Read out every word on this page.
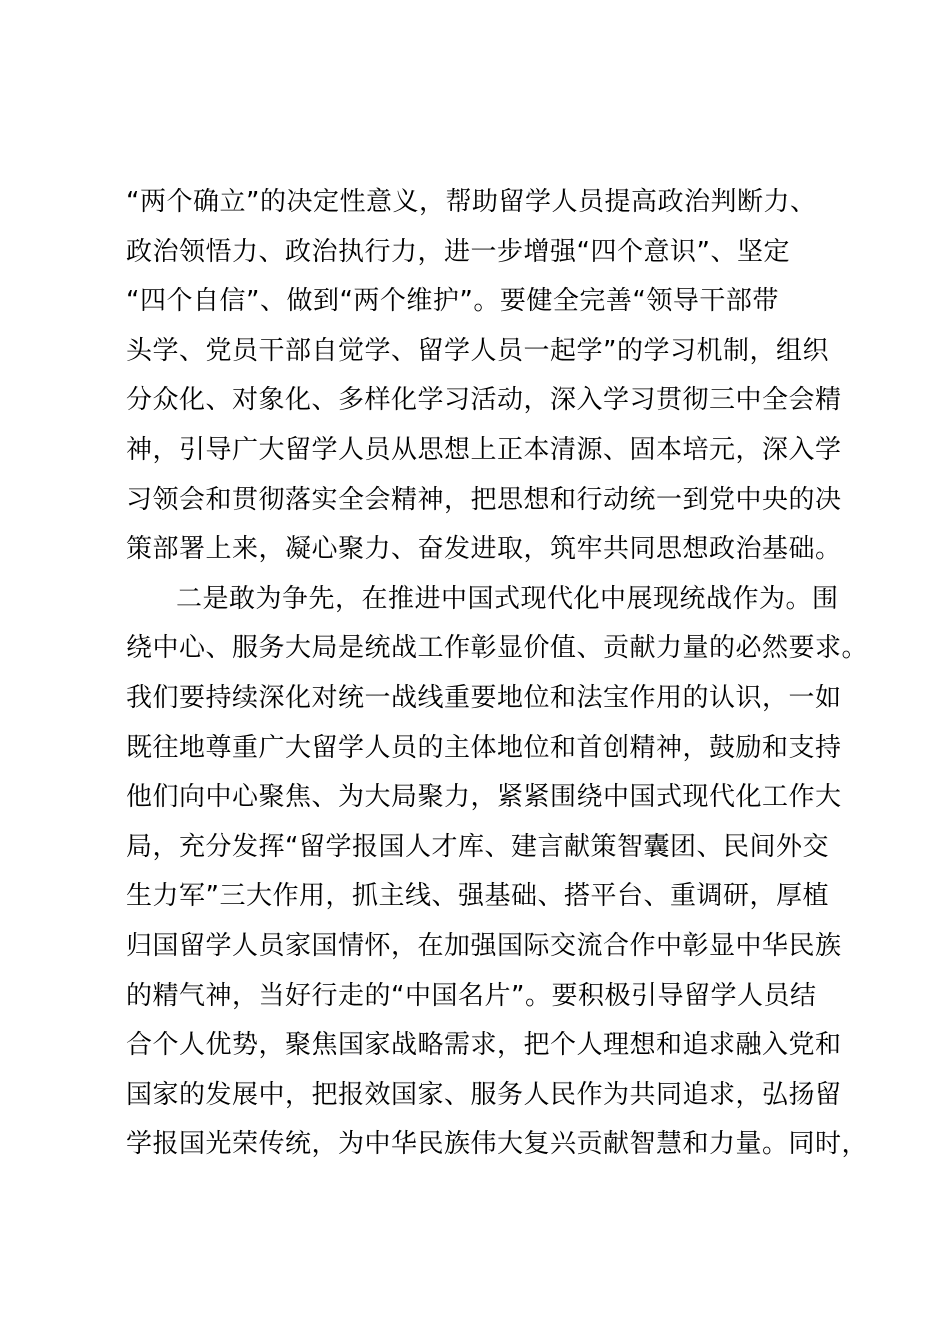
“两个确立”的决定性意义，帮助留学人员提高政治判断力、
政治领悟力、政治执行力，进一步增强“四个意识”、坚定
“四个自信”、做到“两个维护”。要健全完善“领导干部带
头学、党员干部自觉学、留学人员一起学”的学习机制，组织
分众化、对象化、多样化学习活动，深入学习贯彻三中全会精
神，引导广大留学人员从思想上正本清源、固本培元，深入学
习领会和贯彻落实全会精神，把思想和行动统一到党中央的决
策部署上来，凝心聚力、奋发进取，筑牢共同思想政治基础。
二是敢为争先，在推进中国式现代化中展现统战作为。围
绕中心、服务大局是统战工作彰显价值、贡献力量的必然要求。
我们要持续深化对统一战线重要地位和法宝作用的认识，一如
既往地尊重广大留学人员的主体地位和首创精神，鼓励和支持
他们向中心聚焦、为大局聚力，紧紧围绕中国式现代化工作大
局，充分发挥“留学报国人才库、建言献策智囊团、民间外交
生力军”三大作用，抓主线、强基础、搭平台、重调研，厚植
归国留学人员家国情怀，在加强国际交流合作中彰显中华民族
的精气神，当好行走的“中国名片”。要积极引导留学人员结
合个人优势，聚焦国家战略需求，把个人理想和追求融入党和
国家的发展中，把报效国家、服务人民作为共同追求，弘扬留
学报国光荣传统，为中华民族伟大复兴贡献智慧和力量。同时，
